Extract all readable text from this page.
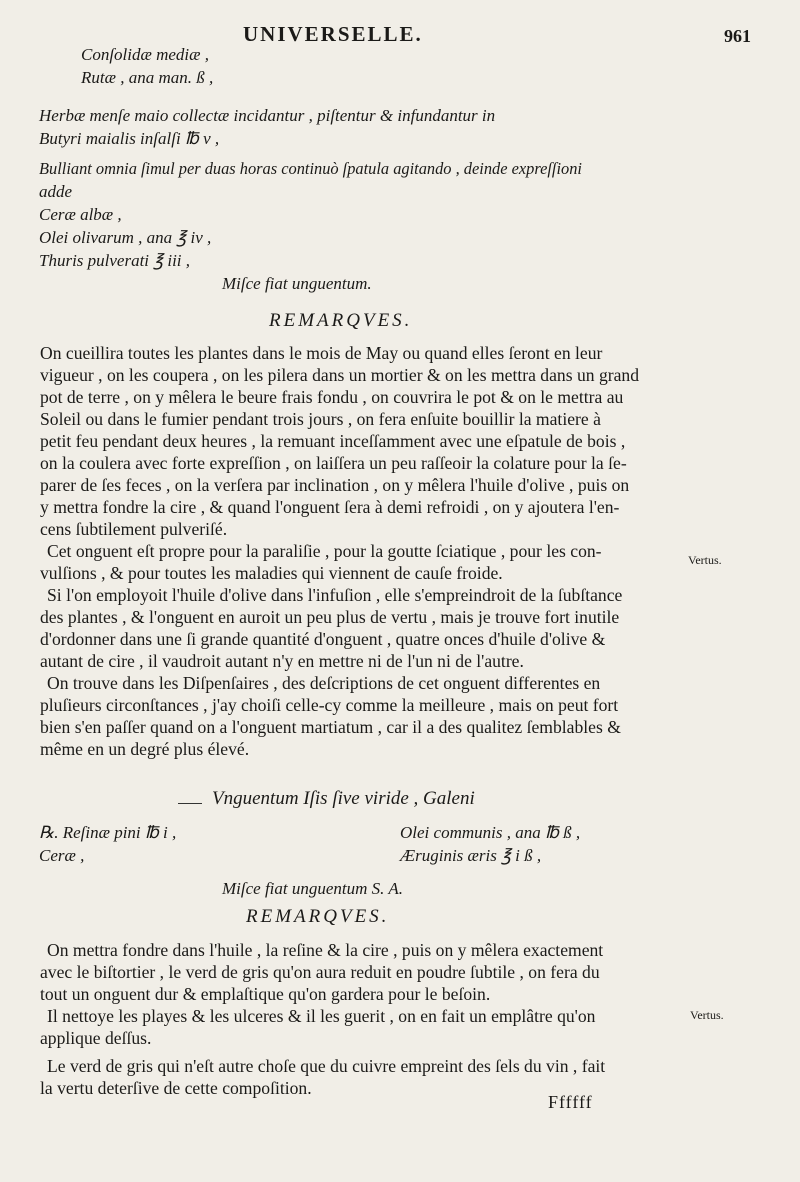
UNIVERSELLE.	961
Conſolidæ mediæ ,
Rutæ , ana man. ß ,
Herbæ menſe maio collectæ incidantur , piſtentur & infundantur in
Butyri maialis inſalſi ℔ v ,
Bulliant omnia ſimul per duas horas continuò ſpatula agitando , deinde expreſſioni
adde
Ceræ albæ ,
Olei olivarum , ana ℥ iv ,
Thuris pulverati ℥ iii ,
Miſce fiat unguentum.
REMARQVES.

On cueillira toutes les plantes dans le mois de May ou quand elles ſeront en leur

vigueur , on les coupera , on les pilera dans un mortier & on les mettra dans un grand

pot de terre , on y mêlera le beure frais fondu , on couvrira le pot & on le mettra au

Soleil ou dans le fumier pendant trois jours , on fera enſuite bouillir la matiere à

petit feu pendant deux heures , la remuant inceſſamment avec une eſpatule de bois ,

on la coulera avec forte expreſſion , on laiſſera un peu raſſeoir la colature pour la ſe-

parer de ſes feces , on la verſera par inclination , on y mêlera l'huile d'olive , puis on

y mettra fondre la cire , & quand l'onguent ſera à demi refroidi , on y ajoutera l'en-

cens ſubtilement pulveriſé.

Cet onguent eſt propre pour la paraliſie , pour la goutte ſciatique , pour les con-

vulſions , & pour toutes les maladies qui viennent de cauſe froide.

Si l'on employoit l'huile d'olive dans l'infuſion , elle s'empreindroit de la ſubſtance

des plantes , & l'onguent en auroit un peu plus de vertu , mais je trouve fort inutile

d'ordonner dans une ſi grande quantité d'onguent , quatre onces d'huile d'olive &

autant de cire , il vaudroit autant n'y en mettre ni de l'un ni de l'autre.

On trouve dans les Diſpenſaires , des deſcriptions de cet onguent differentes en

pluſieurs circonſtances , j'ay choiſi celle-cy comme la meilleure , mais on peut fort

bien s'en paſſer quand on a l'onguent martiatum , car il a des qualitez ſemblables &

même en un degré plus élevé.

Vertus.
Vnguentum Iſis ſive viride , Galeni
℞. Reſinæ pini ℔ i ,
Ceræ ,
Olei communis , ana ℔ ß ,
Æruginis æris ℥ i ß ,
Miſce fiat unguentum S. A.
REMARQVES.

On mettra fondre dans l'huile , la reſine & la cire , puis on y mêlera exactement

avec le biſtortier , le verd de gris qu'on aura reduit en poudre ſubtile , on fera du

tout un onguent dur & emplaſtique qu'on gardera pour le beſoin.

Il nettoye les playes & les ulceres & il les guerit , on en fait un emplâtre qu'on

applique deſſus.

Le verd de gris qui n'eſt autre choſe que du cuivre empreint des ſels du vin , fait

la vertu deterſive de cette compoſition.

Vertus.
Ffffff
